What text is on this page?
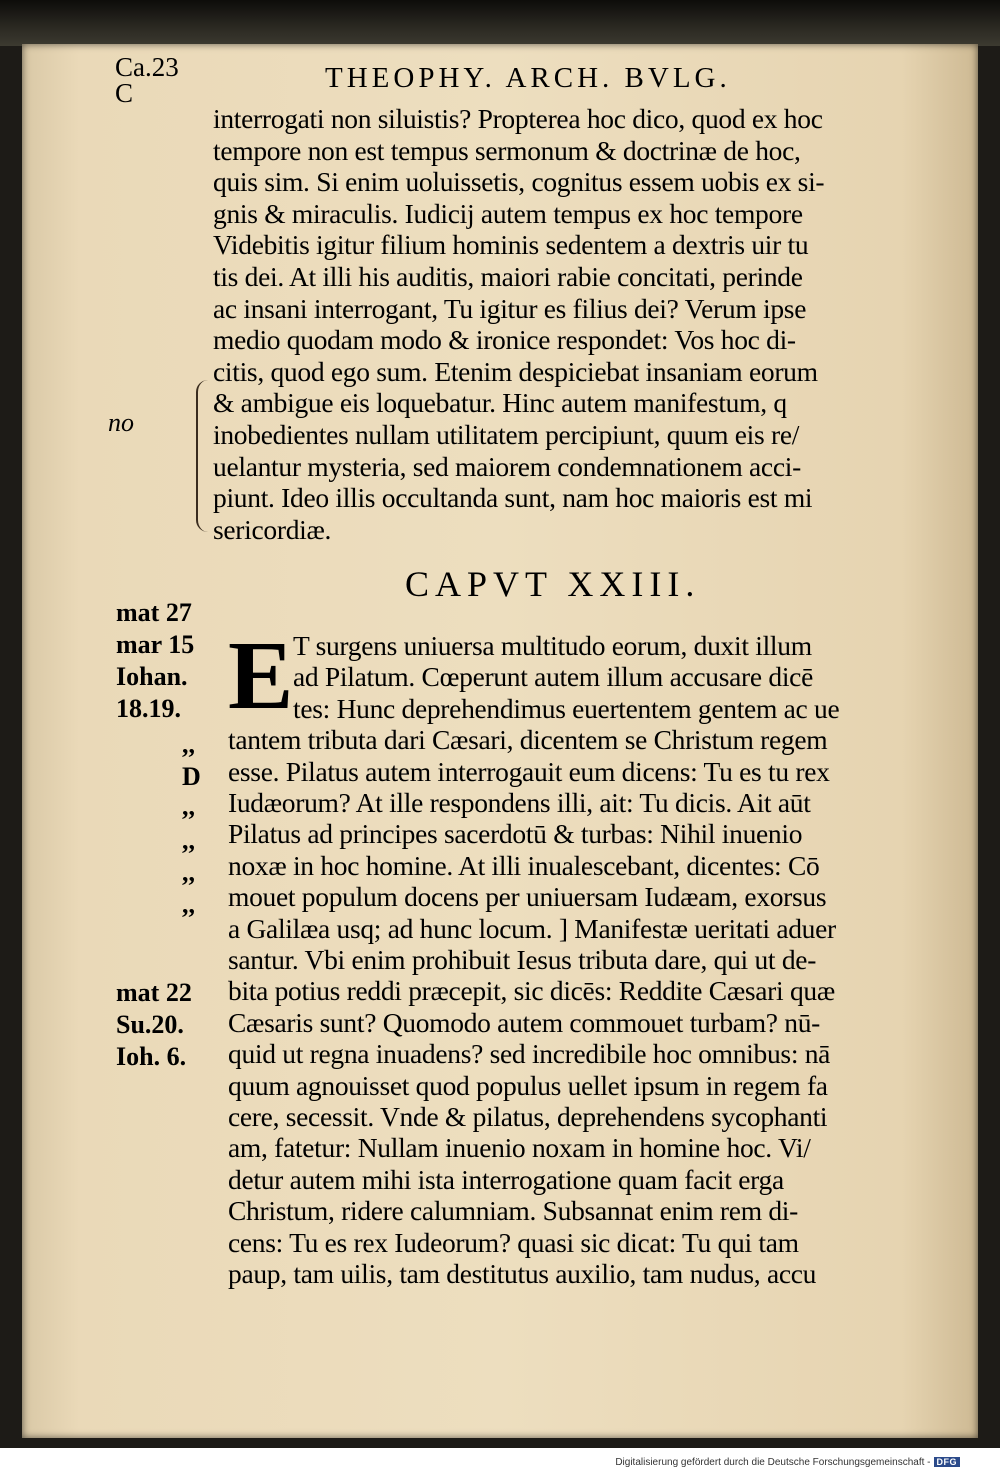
Ca.23
C	THEOPHY. ARCH. BVLG.
interrogati non siluistis? Propterea hoc dico, quod ex hoc
tempore non est tempus sermonum & doctrinæ de hoc,
quis sim. Si enim uoluissetis, cognitus essem uobis ex si-
gnis & miraculis. Iudicij autem tempus ex hoc tempore
Videbitis igitur filium hominis sedentem a dextris uir tu
tis dei. At illi his auditis, maiori rabie concitati, perinde
ac insani interrogant, Tu igitur es filius dei? Verum ipse
medio quodam modo & ironice respondet: Vos hoc di-
citis, quod ego sum. Etenim despiciebat insaniam eorum
& ambigue eis loquebatur. Hinc autem manifestum, q
inobedientes nullam utilitatem percipiunt, quum eis re/
uelantur mysteria, sed maiorem condemnationem acci-
piunt. Ideo illis occultanda sunt, nam hoc maioris est mi
sericordiæ.
no
CAPVT XXIII.
E T surgens uniuersa multitudo eorum, duxit illum
ad Pilatum. Cœperunt autem illum accusare dicē
tes: Hunc deprehendimus euertentem gentem ac ue
tantem tributa dari Cæsari, dicentem se Christum regem
esse. Pilatus autem interrogauit eum dicens: Tu es tu rex
Iudæorum? At ille respondens illi, ait: Tu dicis. Ait aūt
Pilatus ad principes sacerdotū & turbas: Nihil inuenio
noxæ in hoc homine. At illi inualescebant, dicentes: Cō
mouet populum docens per uniuersam Iudæam, exorsus
a Galilæa usq; ad hunc locum. ] Manifestæ ueritati aduer
santur. Vbi enim prohibuit Iesus tributa dare, qui ut de-
bita potius reddi præcepit, sic dicēs: Reddite Cæsari quæ
Cæsaris sunt? Quomodo autem commouet turbam? nū-
quid ut regna inuadens? sed incredibile hoc omnibus: nā
quum agnouisset quod populus uellet ipsum in regem fa
cere, secessit. Vnde & pilatus, deprehendens sycophanti
am, fatetur: Nullam inuenio noxam in homine hoc. Vi/
detur autem mihi ista interrogatione quam facit erga
Christum, ridere calumniam. Subsannat enim rem di-
cens: Tu es rex Iudeorum? quasi sic dicat: Tu qui tam
paup, tam uilis, tam destitutus auxilio, tam nudus, accu
mat 27
mar 15
Iohan.
18.19.
,,
D
,,
,,
,,
,,
mat 22
Su.20.
Ioh. 6.
Digitalisierung gefördert durch die Deutsche Forschungsgemeinschaft - DFG
